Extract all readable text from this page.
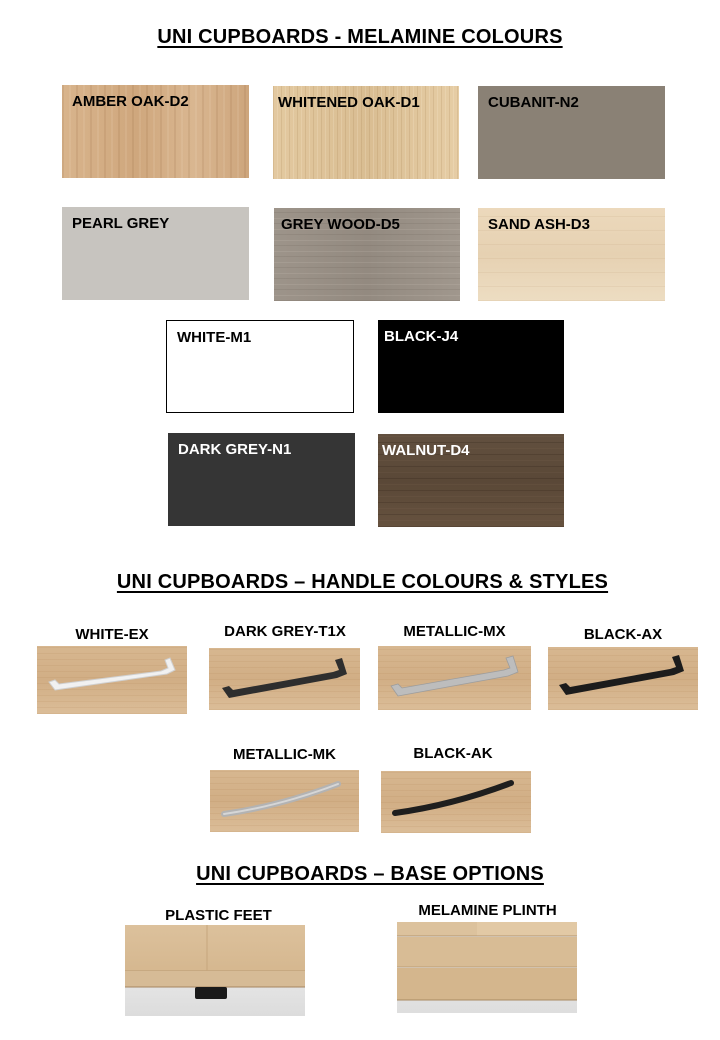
UNI CUPBOARDS - MELAMINE COLOURS
AMBER OAK-D2	WHITENED OAK-D1	CUBANIT-N2
PEARL GREY	GREY WOOD-D5	SAND ASH-D3
WHITE-M1	BLACK-J4
DARK GREY-N1	WALNUT-D4
UNI CUPBOARDS – HANDLE COLOURS & STYLES
WHITE-EX	DARK GREY-T1X	METALLIC-MX	BLACK-AX
METALLIC-MK	BLACK-AK
UNI CUPBOARDS – BASE OPTIONS
PLASTIC FEET	MELAMINE PLINTH
